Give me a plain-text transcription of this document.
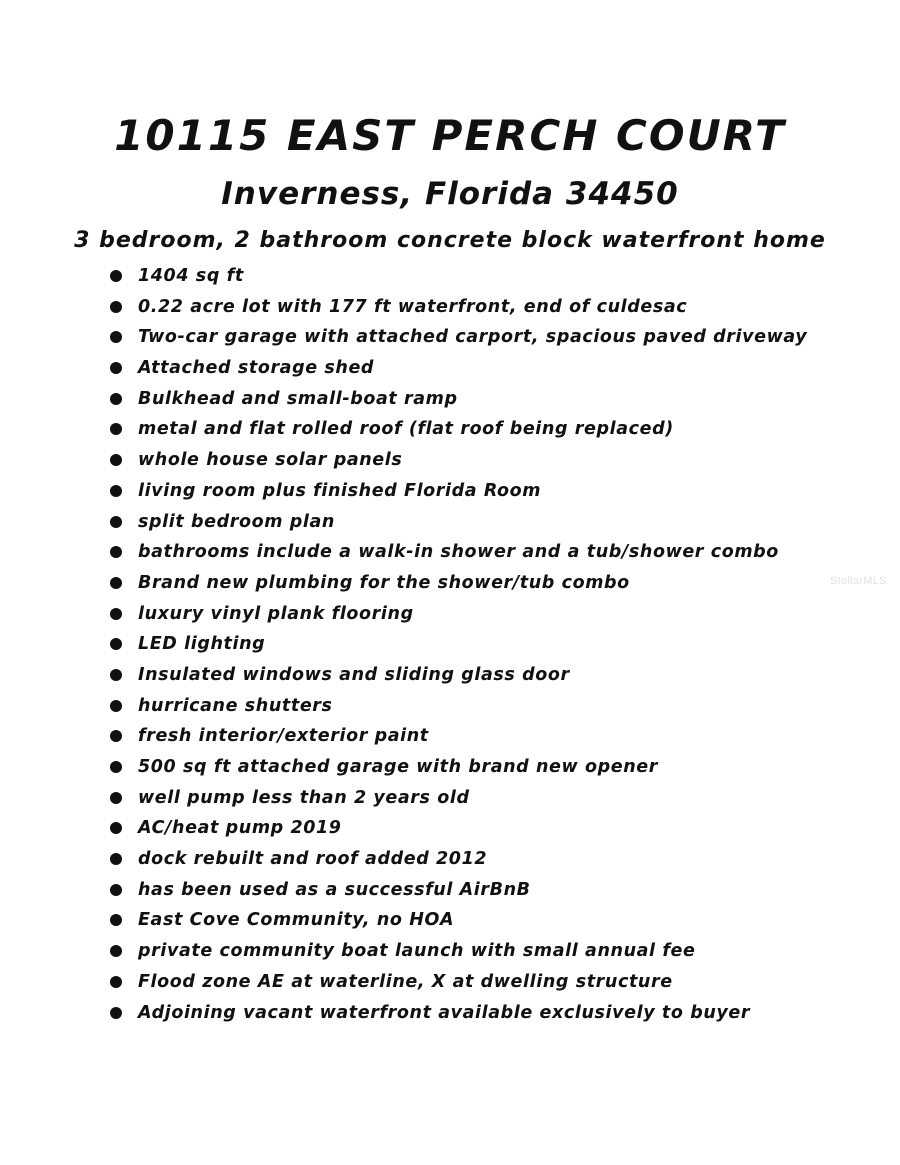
10115 EAST PERCH COURT
Inverness, Florida 34450
3 bedroom, 2 bathroom concrete block waterfront home
1404 sq ft
0.22 acre lot with 177 ft waterfront, end of culdesac
Two-car garage with attached carport, spacious paved driveway
Attached storage shed
Bulkhead and small-boat ramp
metal and flat rolled roof (flat roof being replaced)
whole house solar panels
living room plus finished Florida Room
split bedroom plan
bathrooms include a walk-in shower and a tub/shower combo
Brand new plumbing for the shower/tub combo
luxury vinyl plank flooring
LED lighting
Insulated windows and sliding glass door
hurricane shutters
fresh interior/exterior paint
500 sq ft attached garage with brand new opener
well pump less than 2 years old
AC/heat pump 2019
dock rebuilt and roof added 2012
has been used as a successful AirBnB
East Cove Community, no HOA
private community boat launch with small annual fee
Flood zone AE at waterline, X at dwelling structure
Adjoining vacant waterfront available exclusively to buyer
StellarMLS
